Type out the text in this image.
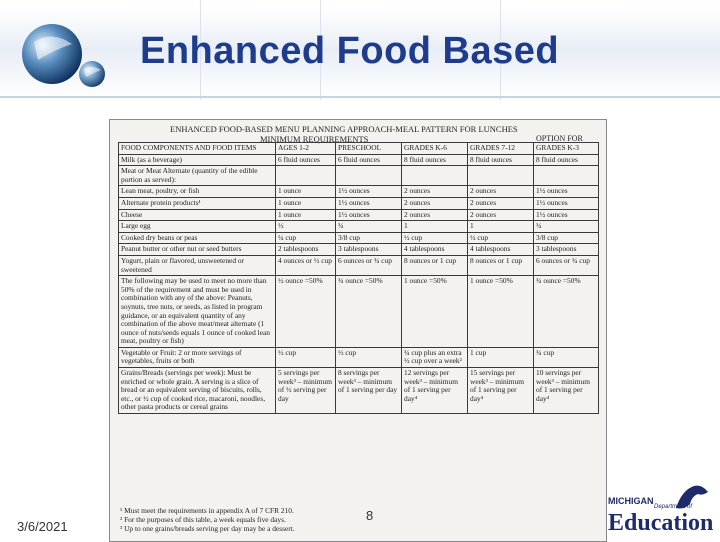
Enhanced Food Based
ENHANCED FOOD-BASED MENU PLANNING APPROACH-MEAL PATTERN FOR LUNCHES
MINIMUM REQUIREMENTS	OPTION FOR
FOOD COMPONENTS AND FOOD ITEMS	AGES 1-2	PRESCHOOL	GRADES K-6	GRADES 7-12	GRADES K-3
Milk (as a beverage)	6 fluid ounces	6 fluid ounces	8 fluid ounces	8 fluid ounces	8 fluid ounces
Meat or Meat Alternate (quantity of the edible portion as served):					
Lean meat, poultry, or fish	1 ounce	1½ ounces	2 ounces	2 ounces	1½ ounces
Alternate protein products¹	1 ounce	1½ ounces	2 ounces	2 ounces	1½ ounces
Cheese	1 ounce	1½ ounces	2 ounces	2 ounces	1½ ounces
Large egg	½	¾	1	1	¾
Cooked dry beans or peas	¼ cup	3/8 cup	½ cup	½ cup	3/8 cup
Peanut butter or other nut or seed butters	2 tablespoons	3 tablespoons	4 tablespoons	4 tablespoons	3 tablespoons
Yogurt, plain or flavored, unsweetened or sweetened	4 ounces or ½ cup	6 ounces or ¾ cup	8 ounces or 1 cup	8 ounces or 1 cup	6 ounces or ¾ cup
The following may be used to meet no more than 50% of the requirement and must be used in combination with any of the above: Peanuts, soynuts, tree nuts, or seeds, as listed in program guidance, or an equivalent quantity of any combination of the above meat/meat alternate (1 ounce of nuts/seeds equals 1 ounce of cooked lean meat, poultry or fish)	½ ounce =50%	¾ ounce =50%	1 ounce =50%	1 ounce =50%	¾ ounce =50%
Vegetable or Fruit: 2 or more servings of vegetables, fruits or both	½ cup	½ cup	¾ cup plus an extra ½ cup over a week²	1 cup	¾ cup
Grains/Breads (servings per week): Must be enriched or whole grain. A serving is a slice of bread or an equivalent serving of biscuits, rolls, etc., or ½ cup of cooked rice, macaroni, noodles, other pasta products or cereal grains	5 servings per week³ – minimum of ½ serving per day	8 servings per week³ – minimum of 1 serving per day	12 servings per week³ – minimum of 1 serving per day⁴	15 servings per week³ – minimum of 1 serving per day⁴	10 servings per week³ – minimum of 1 serving per day⁴
¹ Must meet the requirements in appendix A of 7 CFR 210.
² For the purposes of this table, a week equals five days.
³ Up to one grains/breads serving per day may be a dessert.
3/6/2021
8
MICHIGAN
Department of
Education
